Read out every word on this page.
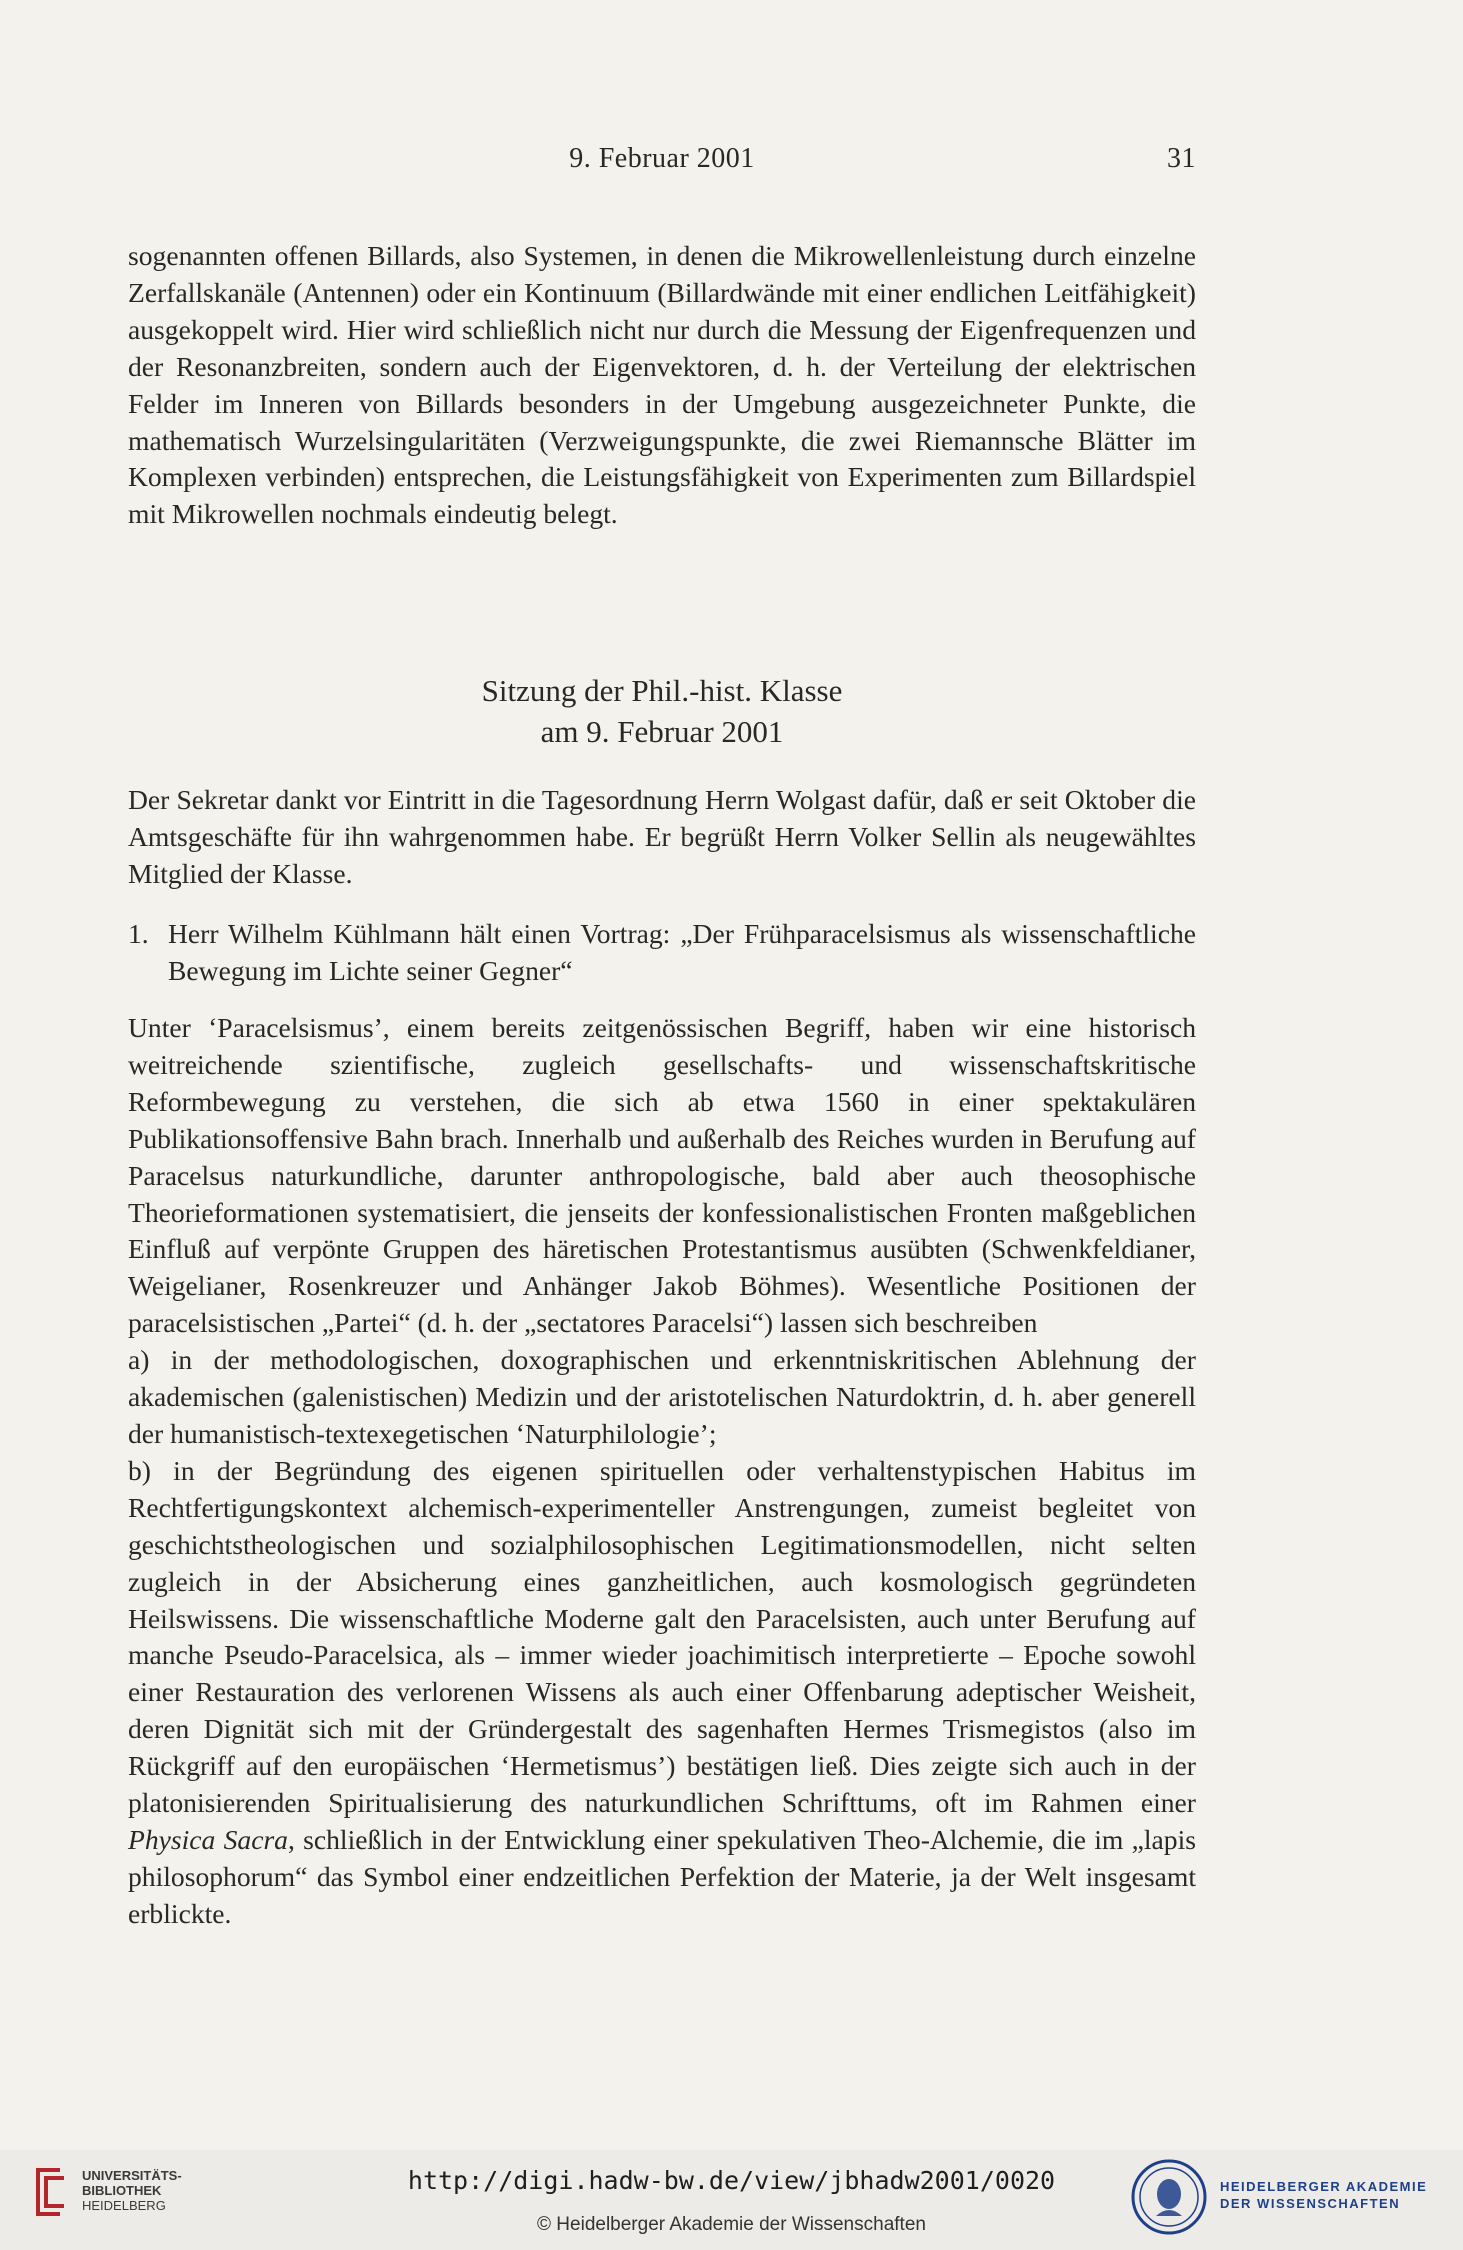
9. Februar 2001	31

sogenannten offenen Billards, also Systemen, in denen die Mikrowellenleistung durch einzelne Zerfallskanäle (Antennen) oder ein Kontinuum (Billardwände mit einer endlichen Leitfähigkeit) ausgekoppelt wird. Hier wird schließlich nicht nur durch die Messung der Eigenfrequenzen und der Resonanzbreiten, sondern auch der Eigenvektoren, d. h. der Verteilung der elektrischen Felder im Inneren von Billards besonders in der Umgebung ausgezeichneter Punkte, die mathematisch Wurzelsingularitäten (Verzweigungspunkte, die zwei Riemannsche Blätter im Komplexen verbinden) entsprechen, die Leistungsfähigkeit von Experimenten zum Billardspiel mit Mikrowellen nochmals eindeutig belegt.

Sitzung der Phil.-hist. Klasse
am 9. Februar 2001

Der Sekretar dankt vor Eintritt in die Tagesordnung Herrn Wolgast dafür, daß er seit Oktober die Amtsgeschäfte für ihn wahrgenommen habe. Er begrüßt Herrn Volker Sellin als neugewähltes Mitglied der Klasse.

1. Herr Wilhelm Kühlmann hält einen Vortrag: „Der Frühparacelsismus als wissenschaftliche Bewegung im Lichte seiner Gegner“

Unter ‘Paracelsismus’, einem bereits zeitgenössischen Begriff, haben wir eine historisch weitreichende szientifische, zugleich gesellschafts- und wissenschaftskritische Reformbewegung zu verstehen, die sich ab etwa 1560 in einer spektakulären Publikationsoffensive Bahn brach. Innerhalb und außerhalb des Reiches wurden in Berufung auf Paracelsus naturkundliche, darunter anthropologische, bald aber auch theosophische Theorieformationen systematisiert, die jenseits der konfessionalistischen Fronten maßgeblichen Einfluß auf verpönte Gruppen des häretischen Protestantismus ausübten (Schwenkfeldianer, Weigelianer, Rosenkreuzer und Anhänger Jakob Böhmes). Wesentliche Positionen der paracelsistischen „Partei“ (d. h. der „sectatores Paracelsi“) lassen sich beschreiben

a) in der methodologischen, doxographischen und erkenntniskritischen Ablehnung der akademischen (galenistischen) Medizin und der aristotelischen Naturdoktrin, d. h. aber generell der humanistisch-textexegetischen ‘Naturphilologie’;

b) in der Begründung des eigenen spirituellen oder verhaltenstypischen Habitus im Rechtfertigungskontext alchemisch-experimenteller Anstrengungen, zumeist begleitet von geschichtstheologischen und sozialphilosophischen Legitimationsmodellen, nicht selten zugleich in der Absicherung eines ganzheitlichen, auch kosmologisch gegründeten Heilswissens. Die wissenschaftliche Moderne galt den Paracelsisten, auch unter Berufung auf manche Pseudo-Paracelsica, als – immer wieder joachimitisch interpretierte – Epoche sowohl einer Restauration des verlorenen Wissens als auch einer Offenbarung adeptischer Weisheit, deren Dignität sich mit der Gründergestalt des sagenhaften Hermes Trismegistos (also im Rückgriff auf den europäischen ‘Hermetismus’) bestätigen ließ. Dies zeigte sich auch in der platonisierenden Spiritualisierung des naturkundlichen Schrifttums, oft im Rahmen einer Physica Sacra, schließlich in der Entwicklung einer spekulativen Theo-Alchemie, die im „lapis philosophorum“ das Symbol einer endzeitlichen Perfektion der Materie, ja der Welt insgesamt erblickte.

UNIVERSITÄTS-
BIBLIOTHEK
HEIDELBERG
http://digi.hadw-bw.de/view/jbhadw2001/0020
© Heidelberger Akademie der Wissenschaften
HEIDELBERGER AKADEMIE
DER WISSENSCHAFTEN
